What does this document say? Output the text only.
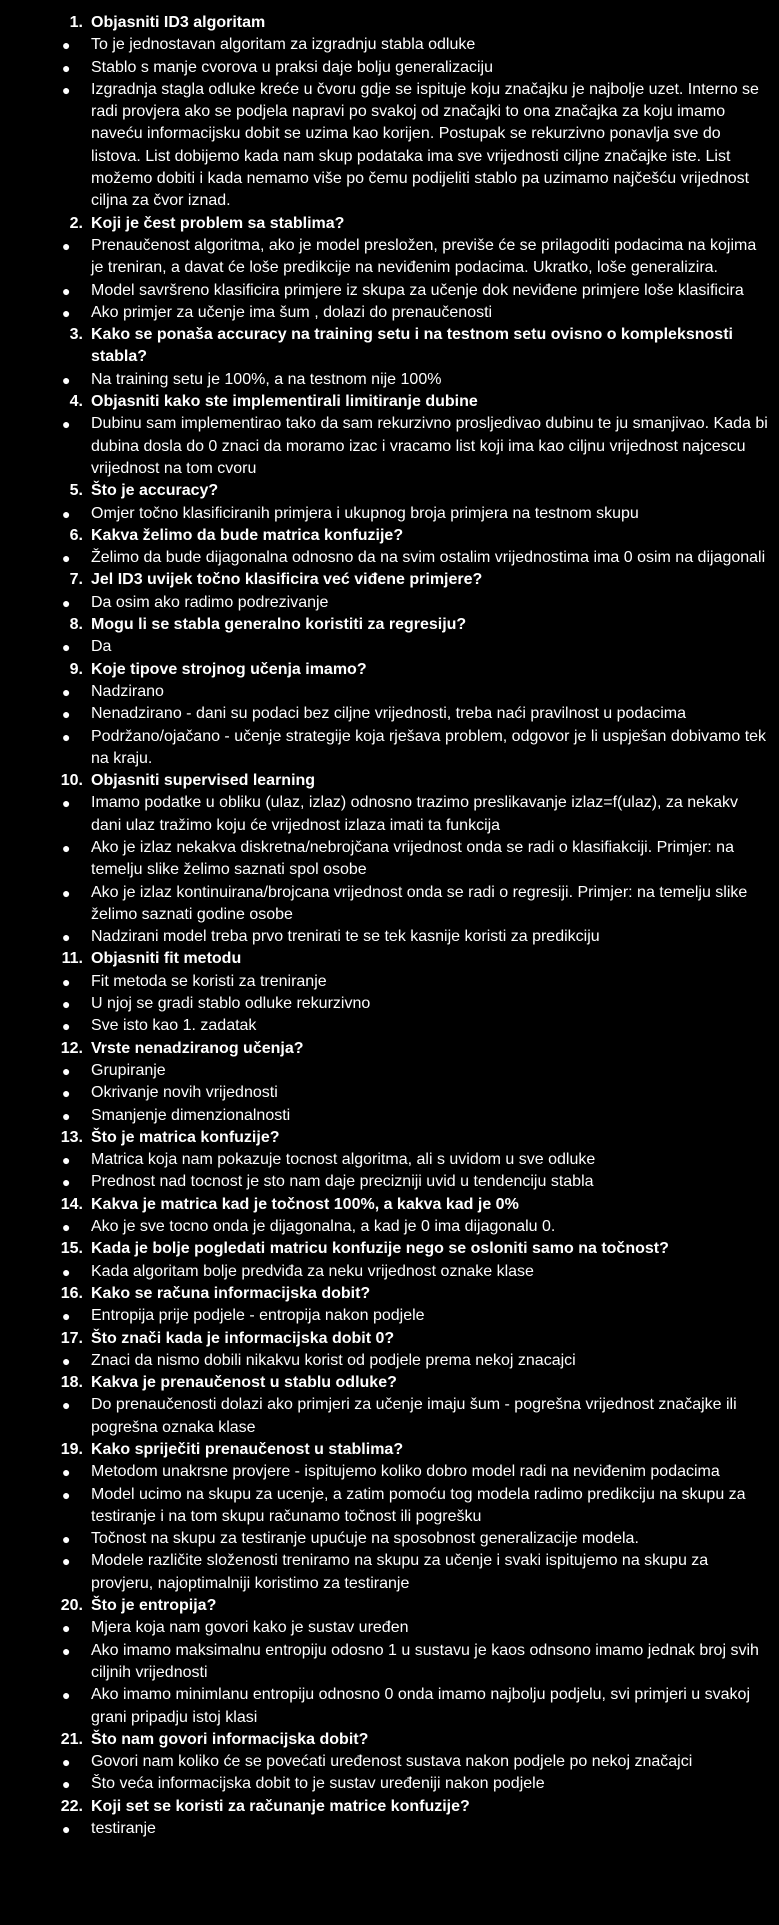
1. Objasniti ID3 algoritam
● To je jednostavan algoritam za izgradnju stabla odluke
● Stablo s manje cvorova u praksi daje bolju generalizaciju
● Izgradnja stagla odluke kreće u čvoru gdje se ispituje koju značajku je najbolje uzet. Interno se radi provjera ako se podjela napravi po svakoj od značajki to ona značajka za koju imamo naveću informacijsku dobit se uzima kao korijen. Postupak se rekurzivno ponavlja sve do listova. List dobijemo kada nam skup podataka ima sve vrijednosti ciljne značajke iste. List možemo dobiti i kada nemamo više po čemu podijeliti stablo pa uzimamo najčešću vrijednost ciljna za čvor iznad.
2. Koji je čest problem sa stablima?
● Prenaučenost algoritma, ako je model presložen, previše će se prilagoditi podacima na kojima je treniran, a davat će loše predikcije na neviđenim podacima. Ukratko, loše generalizira.
● Model savršreno klasificira primjere iz skupa za učenje dok neviđene primjere loše klasificira
● Ako primjer za učenje ima šum , dolazi do prenaučenosti
3. Kako se ponaša accuracy na training setu i na testnom setu ovisno o kompleksnosti stabla?
● Na training setu je 100%, a na testnom nije 100%
4. Objasniti kako ste implementirali limitiranje dubine
● Dubinu sam implementirao tako da sam rekurzivno prosljedivao dubinu te ju smanjivao. Kada bi dubina dosla do 0 znaci da moramo izac i vracamo list koji ima kao ciljnu vrijednost najcescu vrijednost na tom cvoru
5. Što je accuracy?
● Omjer točno klasificiranih primjera i ukupnog broja primjera na testnom skupu
6. Kakva želimo da bude matrica konfuzije?
● Želimo da bude dijagonalna odnosno da na svim ostalim vrijednostima ima 0 osim na dijagonali
7. Jel ID3 uvijek točno klasificira već viđene primjere?
● Da osim ako radimo podrezivanje
8. Mogu li se stabla generalno koristiti za regresiju?
● Da
9. Koje tipove strojnog učenja imamo?
● Nadzirano
● Nenadzirano - dani su podaci bez ciljne vrijednosti, treba naći pravilnost u podacima
● Podržano/ojačano - učenje strategije koja rješava problem, odgovor je li uspješan dobivamo tek na kraju.
10. Objasniti supervised learning
● Imamo podatke u obliku (ulaz, izlaz) odnosno trazimo preslikavanje izlaz=f(ulaz), za nekakv dani ulaz tražimo koju će vrijednost izlaza imati ta funkcija
● Ako je izlaz nekakva diskretna/nebrojčana vrijednost onda se radi o klasifiakciji. Primjer: na temelju slike želimo saznati spol osobe
● Ako je izlaz kontinuirana/brojcana vrijednost onda se radi o regresiji. Primjer: na temelju slike želimo saznati godine osobe
● Nadzirani model treba prvo trenirati te se tek kasnije koristi za predikciju
11. Objasniti fit metodu
● Fit metoda se koristi za treniranje
● U njoj se gradi stablo odluke rekurzivno
● Sve isto kao 1. zadatak
12. Vrste nenadziranog učenja?
● Grupiranje
● Okrivanje novih vrijednosti
● Smanjenje dimenzionalnosti
13. Što je matrica konfuzije?
● Matrica koja nam pokazuje tocnost algoritma, ali s uvidom u sve odluke
● Prednost nad tocnost je sto nam daje precizniji uvid u tendenciju stabla
14. Kakva je matrica kad je točnost 100%, a kakva kad je 0%
● Ako je sve tocno onda je dijagonalna, a kad je 0 ima dijagonalu 0.
15. Kada je bolje pogledati matricu konfuzije nego se osloniti samo na točnost?
● Kada algoritam bolje predviđa za neku vrijednost oznake klase
16. Kako se računa informacijska dobit?
● Entropija prije podjele - entropija nakon podjele
17. Što znači kada je informacijska dobit 0?
● Znaci da nismo dobili nikakvu korist od podjele prema nekoj znacajci
18. Kakva je prenaučenost u stablu odluke?
● Do prenaučenosti dolazi ako primjeri za učenje imaju šum - pogrešna vrijednost značajke ili pogrešna oznaka klase
19. Kako spriječiti prenaučenost u stablima?
● Metodom unakrsne provjere - ispitujemo koliko dobro model radi na neviđenim podacima
● Model ucimo na skupu za ucenje, a zatim pomoću tog modela radimo predikciju na skupu za testiranje i na tom skupu računamo točnost ili pogrešku
● Točnost na skupu za testiranje upućuje na sposobnost generalizacije modela.
● Modele različite složenosti treniramo na skupu za učenje i svaki ispitujemo na skupu za provjeru, najoptimalniji koristimo za testiranje
20. Što je entropija?
● Mjera koja nam govori kako je sustav uređen
● Ako imamo maksimalnu entropiju odosno 1 u sustavu je kaos odnsono imamo jednak broj svih ciljnih vrijednosti
● Ako imamo minimlanu entropiju odnosno 0 onda imamo najbolju podjelu, svi primjeri u svakoj grani pripadju istoj klasi
21. Što nam govori informacijska dobit?
● Govori nam koliko će se povećati uređenost sustava nakon podjele po nekoj značajci
● Što veća informacijska dobit to je sustav uređeniji nakon podjele
22. Koji set se koristi za računanje matrice konfuzije?
● testiranje
